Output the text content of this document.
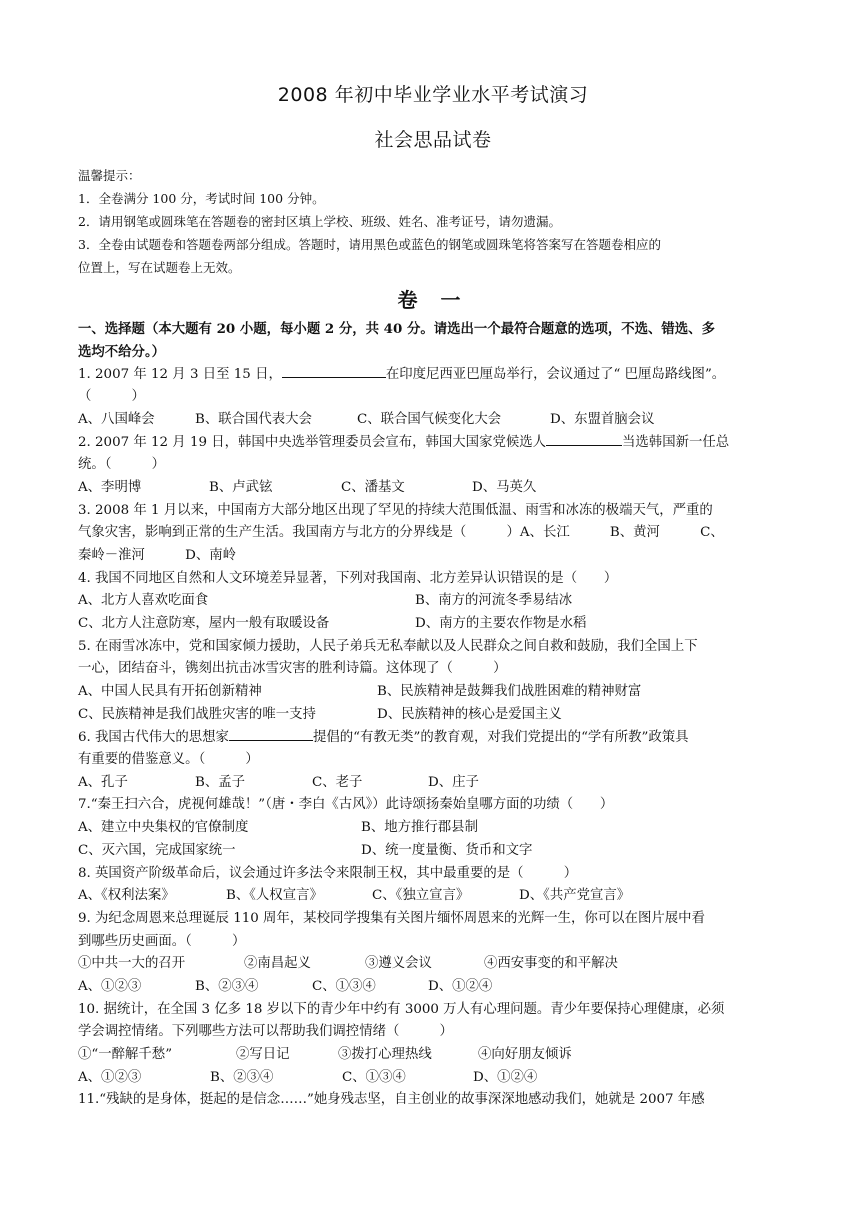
2008 年初中毕业学业水平考试演习
社会思品试卷
温馨提示：
1．全卷满分 100 分，考试时间 100 分钟。
2．请用钢笔或圆珠笔在答题卷的密封区填上学校、班级、姓名、准考证号，请勿遗漏。
3．全卷由试题卷和答题卷两部分组成。答题时，请用黑色或蓝色的钢笔或圆珠笔将答案写在答题卷相应的
位置上，写在试题卷上无效。
卷 一
一、选择题（本大题有 20 小题，每小题 2 分，共 40 分。请选出一个最符合题意的选项，不选、错选、多
选均不给分。）
1. 2007 年 12 月 3 日至 15 日，	在印度尼西亚巴厘岛举行，会议通过了“ 巴厘岛路线图”。
（　　　）
A、八国峰会	B、联合国代表大会	C、联合国气候变化大会	D、东盟首脑会议
2. 2007 年 12 月 19 日，韩国中央选举管理委员会宣布，韩国大国家党候选人	当选韩国新一任总
统。（　　　）
A、李明博	B、卢武铉	C、潘基文	D、马英久
3. 2008 年 1 月以来，中国南方大部分地区出现了罕见的持续大范围低温、雨雪和冰冻的极端天气，严重的
气象灾害，影响到正常的生产生活。我国南方与北方的分界线是（　　　）A、长江　　　B、黄河　　　C、
秦岭－淮河　　　D、南岭
4. 我国不同地区自然和人文环境差异显著，下列对我国南、北方差异认识错误的是（　　）
A、北方人喜欢吃面食	B、南方的河流冬季易结冰
C、北方人注意防寒，屋内一般有取暖设备	D、南方的主要农作物是水稻
5. 在雨雪冰冻中，党和国家倾力援助，人民子弟兵无私奉献以及人民群众之间自救和鼓励，我们全国上下
一心，团结奋斗，镌刻出抗击冰雪灾害的胜利诗篇。这体现了（　　　）
A、中国人民具有开拓创新精神	B、民族精神是鼓舞我们战胜困难的精神财富
C、民族精神是我们战胜灾害的唯一支持	D、民族精神的核心是爱国主义
6. 我国古代伟大的思想家	提倡的“有教无类”的教育观，对我们党提出的“学有所教”政策具
有重要的借鉴意义。（　　　）
A、孔子	B、孟子	C、老子	D、庄子
7.“秦王扫六合，虎视何雄哉！”（唐・李白《古风》）此诗颂扬秦始皇哪方面的功绩（　　）
A、建立中央集权的官僚制度	B、地方推行郡县制
C、灭六国，完成国家统一	D、统一度量衡、货币和文字
8. 英国资产阶级革命后，议会通过许多法令来限制王权，其中最重要的是（　　　）
A、《权利法案》	B、《人权宣言》	C、《独立宣言》	D、《共产党宣言》
9. 为纪念周恩来总理诞辰 110 周年，某校同学搜集有关图片缅怀周恩来的光辉一生，你可以在图片展中看
到哪些历史画面。（　　　）
①中共一大的召开	②南昌起义	③遵义会议	④西安事变的和平解决
A、①②③	B、②③④	C、①③④	D、①②④
10. 据统计，在全国 3 亿多 18 岁以下的青少年中约有 3000 万人有心理问题。青少年要保持心理健康，必须
学会调控情绪。下列哪些方法可以帮助我们调控情绪（　　　）
①“一醉解千愁”	②写日记	③拨打心理热线	④向好朋友倾诉
A、①②③	B、②③④	C、①③④	D、①②④
11.“残缺的是身体，挺起的是信念……”她身残志坚，自主创业的故事深深地感动我们，她就是 2007 年感
